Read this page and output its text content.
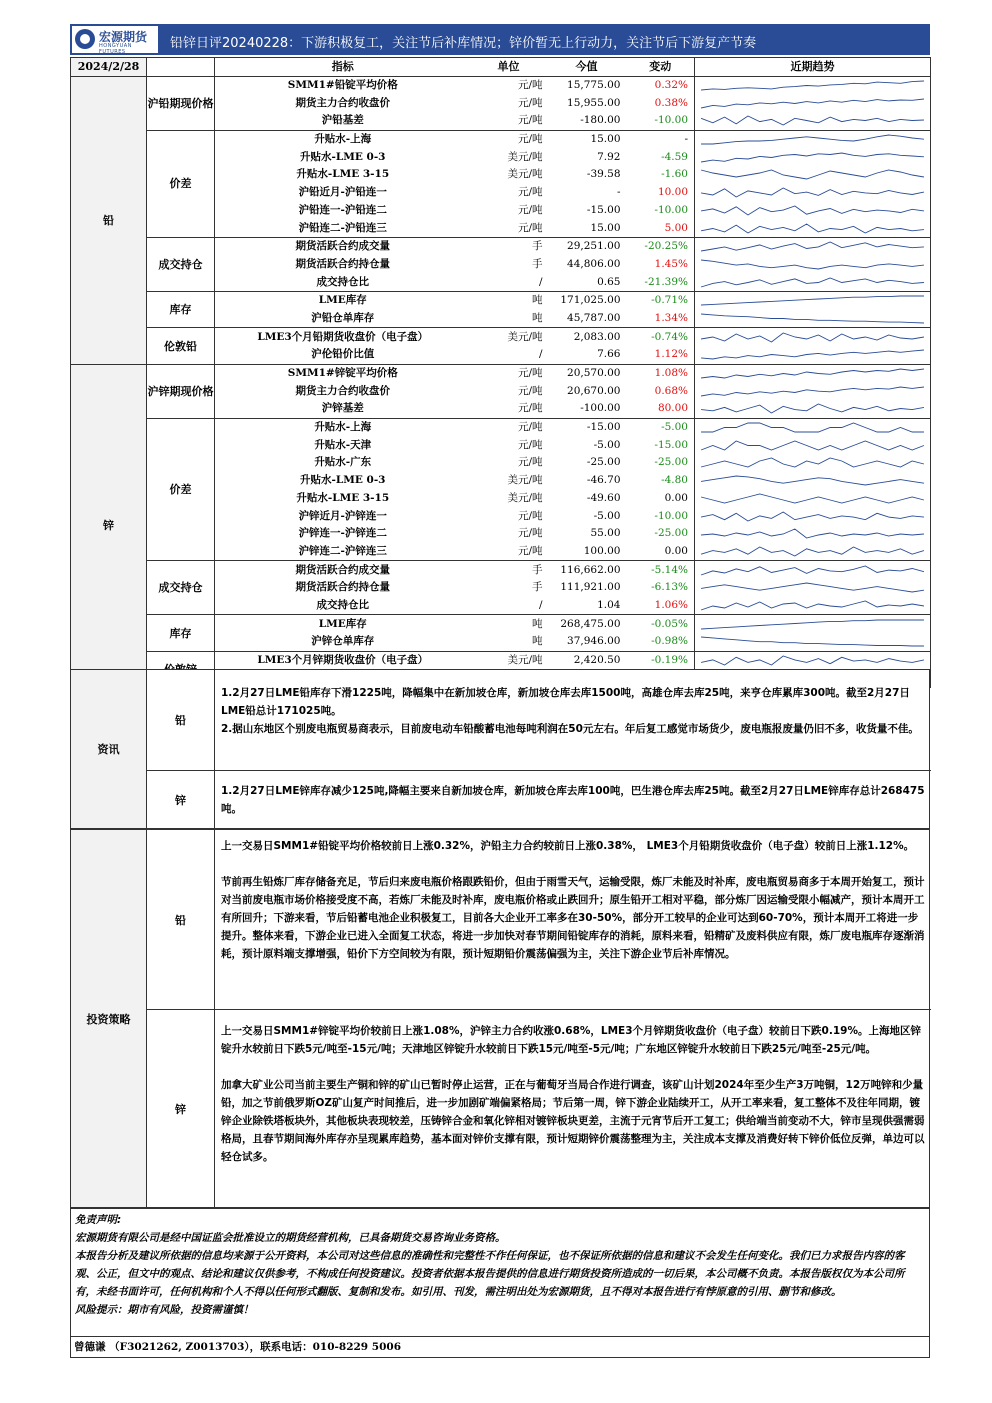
宏源期货
HONGYUAN FUTURES
铅锌日评20240228：下游积极复工，关注节后补库情况；锌价暂无上行动力，关注节后下游复产节奏
2024/2/28		指标	单位	今值	变动	近期趋势
铅	沪铅期现价格	SMM1#铅锭平均价格	元/吨	15,775.00	0.32%	

		期货主力合约收盘价	元/吨	15,955.00	0.38%	

		沪铅基差	元/吨	-180.00	-10.00	

	价差	升贴水-上海	元/吨	15.00	-	

		升贴水-LME 0-3	美元/吨	7.92	-4.59	

		升贴水-LME 3-15	美元/吨	-39.58	-1.60	

		沪铅近月-沪铅连一	元/吨	-	10.00	

		沪铅连一-沪铅连二	元/吨	-15.00	-10.00	

		沪铅连二-沪铅连三	元/吨	15.00	5.00	

	成交持仓	期货活跃合约成交量	手	29,251.00	-20.25%	

		期货活跃合约持仓量	手	44,806.00	1.45%	

		成交持仓比	/	0.65	-21.39%	

	库存	LME库存	吨	171,025.00	-0.71%	

		沪铅仓单库存	吨	45,787.00	1.34%	

	伦敦铅	LME3个月铅期货收盘价（电子盘）	美元/吨	2,083.00	-0.74%	

		沪伦铅价比值	/	7.66	1.12%	

锌	沪锌期现价格	SMM1#锌锭平均价格	元/吨	20,570.00	1.08%	

		期货主力合约收盘价	元/吨	20,670.00	0.68%	

		沪锌基差	元/吨	-100.00	80.00	

	价差	升贴水-上海	元/吨	-15.00	-5.00	

		升贴水-天津	元/吨	-5.00	-15.00	

		升贴水-广东	元/吨	-25.00	-25.00	

		升贴水-LME 0-3	美元/吨	-46.70	-4.80	

		升贴水-LME 3-15	美元/吨	-49.60	0.00	

		沪锌近月-沪锌连一	元/吨	-5.00	-10.00	

		沪锌连一-沪锌连二	元/吨	55.00	-25.00	

		沪锌连二-沪锌连三	元/吨	100.00	0.00	

	成交持仓	期货活跃合约成交量	手	116,662.00	-5.14%	

		期货活跃合约持仓量	手	111,921.00	-6.13%	

		成交持仓比	/	1.04	1.06%	

	库存	LME库存	吨	268,475.00	-0.05%	

		沪锌仓单库存	吨	37,946.00	-0.98%	

	LME3个月锌期货收盘价（电子盘）	美元/吨	2,420.50	-0.19%	

资讯
铅
1.2月27日LME铅库存下滑1225吨，降幅集中在新加坡仓库，新加坡仓库去库1500吨，高雄仓库去库25吨，来亨仓库累库300吨。截至2月27日LME铅总计171025吨。
2.据山东地区个别废电瓶贸易商表示，目前废电动车铅酸蓄电池每吨利润在50元左右。年后复工感觉市场货少，废电瓶报废量仍旧不多，收货量不佳。
锌
1.2月27日LME锌库存减少125吨,降幅主要来自新加坡仓库，新加坡仓库去库100吨，巴生港仓库去库25吨。截至2月27日LME锌库存总计268475吨。
投资策略
铅
上一交易日SMM1#铅锭平均价格较前日上涨0.32%，沪铅主力合约较前日上涨0.38%， LME3个月铅期货收盘价（电子盘）较前日上涨1.12%。

节前再生铅炼厂库存储备充足，节后归来废电瓶价格跟跌铅价，但由于雨雪天气，运输受限，炼厂未能及时补库，废电瓶贸易商多于本周开始复工，预计对当前废电瓶市场价格接受度不高，若炼厂未能及时补库，废电瓶价格或止跌回升；原生铅开工相对平稳，部分炼厂因运输受限小幅减产，预计本周开工有所回升；下游来看，节后铅蓄电池企业积极复工，目前各大企业开工率多在30-50%，部分开工较早的企业可达到60-70%，预计本周开工将进一步提升。整体来看，下游企业已进入全面复工状态，将进一步加快对春节期间铅锭库存的消耗，原料来看，铅精矿及废料供应有限，炼厂废电瓶库存逐渐消耗，预计原料端支撑增强，铅价下方空间较为有限，预计短期铅价震荡偏强为主，关注下游企业节后补库情况。
锌
上一交易日SMM1#锌锭平均价较前日上涨1.08%，沪锌主力合约收涨0.68%，LME3个月锌期货收盘价（电子盘）较前日下跌0.19%。上海地区锌锭升水较前日下跌5元/吨至-15元/吨；天津地区锌锭升水较前日下跌15元/吨至-5元/吨；广东地区锌锭升水较前日下跌25元/吨至-25元/吨。

加拿大矿业公司当前主要生产铜和锌的矿山已暂时停止运营，正在与葡萄牙当局合作进行调查，该矿山计划2024年至少生产3万吨铜，12万吨锌和少量铅，加之节前俄罗斯OZ矿山复产时间推后，进一步加剧矿端偏紧格局；节后第一周，锌下游企业陆续开工，从开工率来看，复工整体不及往年同期，镀锌企业除铁塔板块外，其他板块表现较差，压铸锌合金和氧化锌相对镀锌板块更差，主流于元宵节后开工复工；供给端当前变动不大，锌市呈现供强需弱格局，且春节期间海外库存亦呈现累库趋势，基本面对锌价支撑有限，预计短期锌价震荡整理为主，关注成本支撑及消费好转下锌价低位反弹，单边可以轻仓试多。
免责声明:
宏源期货有限公司是经中国证监会批准设立的期货经营机构，已具备期货交易咨询业务资格。
本报告分析及建议所依据的信息均来源于公开资料，本公司对这些信息的准确性和完整性不作任何保证，也不保证所依据的信息和建议不会发生任何变化。我们已力求报告内容的客观、公正，但文中的观点、结论和建议仅供参考，不构成任何投资建议。投资者依据本报告提供的信息进行期货投资所造成的一切后果，本公司概不负责。本报告版权仅为本公司所有，未经书面许可，任何机构和个人不得以任何形式翻版、复制和发布。如引用、刊发，需注明出处为宏源期货，且不得对本报告进行有悖原意的引用、删节和修改。
风险提示：期市有风险，投资需谨慎！
曾德谦 （F3021262, Z0013703），联系电话：010-8229 5006
